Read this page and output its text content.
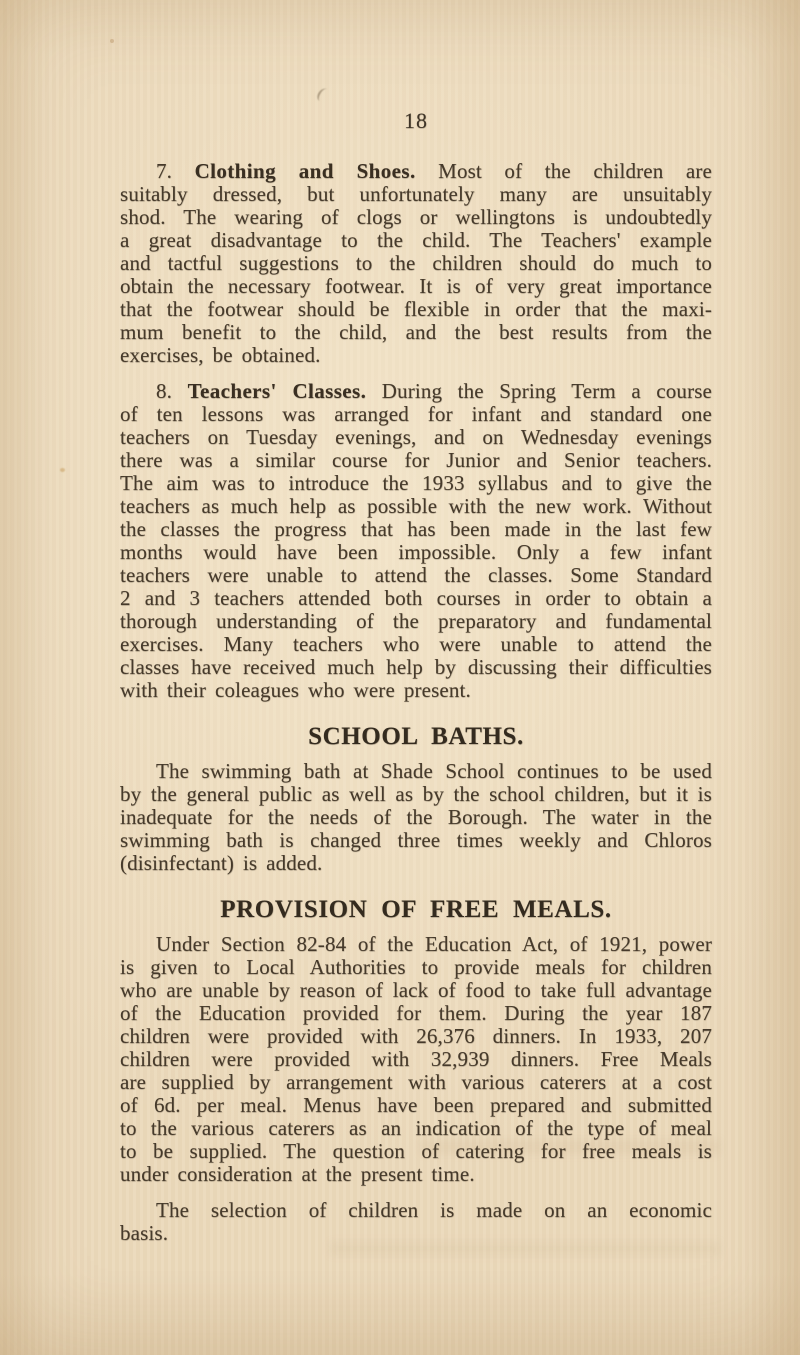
18
7. Clothing and Shoes. Most of the children are
suitably dressed, but unfortunately many are unsuitably
shod. The wearing of clogs or wellingtons is undoubtedly
a great disadvantage to the child. The Teachers' example
and tactful suggestions to the children should do much to
obtain the necessary footwear. It is of very great importance
that the footwear should be flexible in order that the maxi-
mum benefit to the child, and the best results from the
exercises, be obtained.
8. Teachers' Classes. During the Spring Term a course
of ten lessons was arranged for infant and standard one
teachers on Tuesday evenings, and on Wednesday evenings
there was a similar course for Junior and Senior teachers.
The aim was to introduce the 1933 syllabus and to give the
teachers as much help as possible with the new work. Without
the classes the progress that has been made in the last few
months would have been impossible. Only a few infant
teachers were unable to attend the classes. Some Standard
2 and 3 teachers attended both courses in order to obtain a
thorough understanding of the preparatory and fundamental
exercises. Many teachers who were unable to attend the
classes have received much help by discussing their difficulties
with their coleagues who were present.
SCHOOL BATHS.
The swimming bath at Shade School continues to be used
by the general public as well as by the school children, but it is
inadequate for the needs of the Borough. The water in the
swimming bath is changed three times weekly and Chloros
(disinfectant) is added.
PROVISION OF FREE MEALS.
Under Section 82-84 of the Education Act, of 1921, power
is given to Local Authorities to provide meals for children
who are unable by reason of lack of food to take full advantage
of the Education provided for them. During the year 187
children were provided with 26,376 dinners. In 1933, 207
children were provided with 32,939 dinners. Free Meals
are supplied by arrangement with various caterers at a cost
of 6d. per meal. Menus have been prepared and submitted
to the various caterers as an indication of the type of meal
to be supplied. The question of catering for free meals is
under consideration at the present time.
The selection of children is made on an economic
basis.
